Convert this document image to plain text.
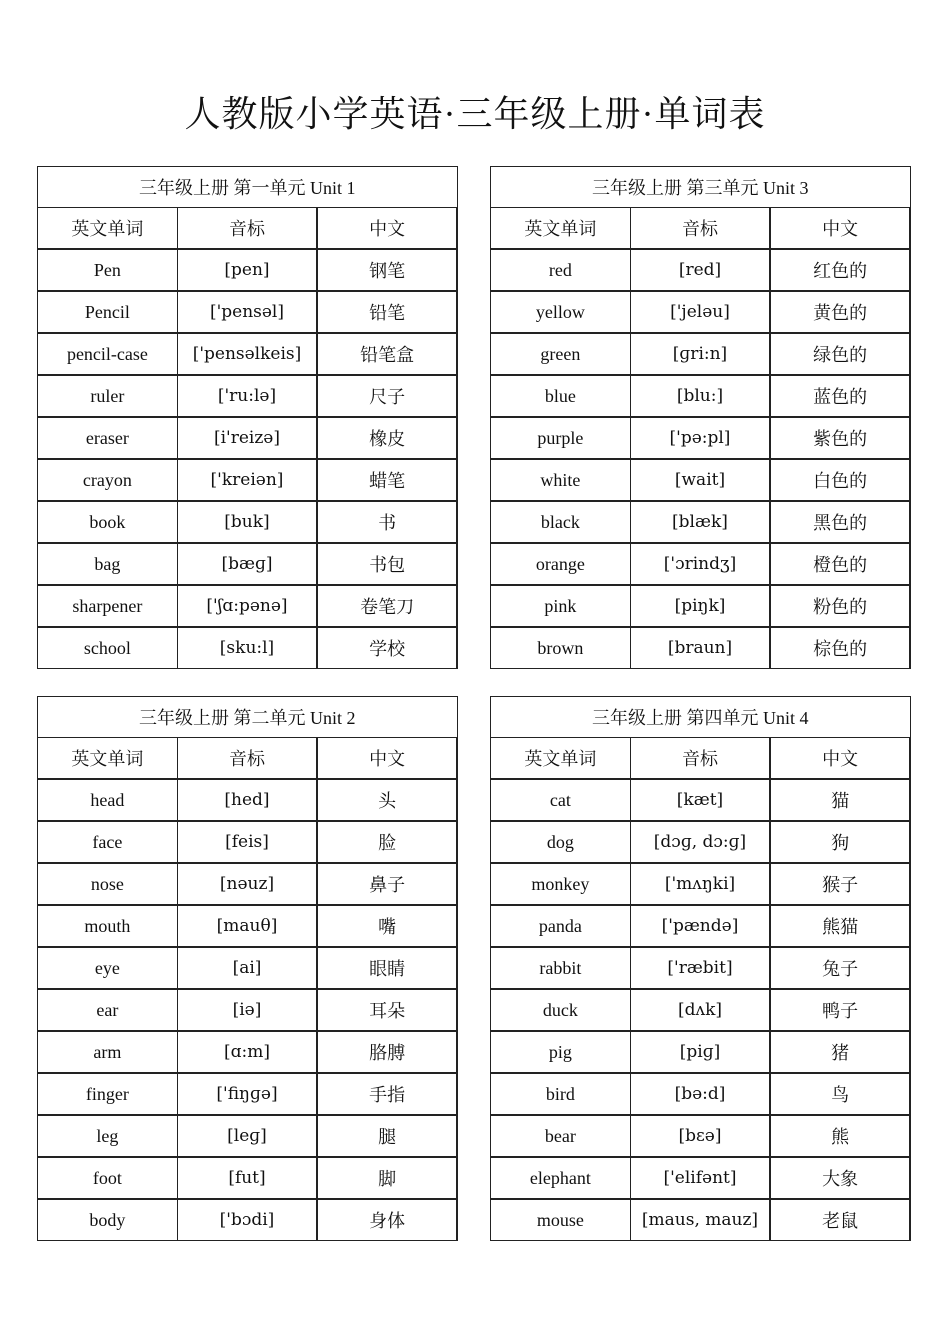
人教版小学英语·三年级上册·单词表
三年级上册 第一单元 Unit 1		
英文单词	音标	中文
Pen	[pen]	钢笔
Pencil	['pensəl]	铅笔
pencil-case	['pensəlkeis]	铅笔盒
ruler	['ru:lə]	尺子
eraser	[i'reizə]	橡皮
crayon	['kreiən]	蜡笔
book	[buk]	书
bag	[bæɡ]	书包
sharpener	['ʃɑ:pənə]	卷笔刀
school	[sku:l]	学校
三年级上册 第三单元 Unit 3		
英文单词	音标	中文
red	[red]	红色的
yellow	['jeləu]	黄色的
green	[ɡri:n]	绿色的
blue	[blu:]	蓝色的
purple	['pə:pl]	紫色的
white	[wait]	白色的
black	[blæk]	黑色的
orange	['ɔrindʒ]	橙色的
pink	[piŋk]	粉色的
brown	[braun]	棕色的
三年级上册 第二单元 Unit 2		
英文单词	音标	中文
head	[hed]	头
face	[feis]	脸
nose	[nəuz]	鼻子
mouth	[mauθ]	嘴
eye	[ai]	眼睛
ear	[iə]	耳朵
arm	[ɑ:m]	胳膊
finger	['fiŋɡə]	手指
leg	[leɡ]	腿
foot	[fut]	脚
body	['bɔdi]	身体
三年级上册 第四单元 Unit 4		
英文单词	音标	中文
cat	[kæt]	猫
dog	[dɔɡ, dɔ:ɡ]	狗
monkey	['mʌŋki]	猴子
panda	['pændə]	熊猫
rabbit	['ræbit]	兔子
duck	[dʌk]	鸭子
pig	[piɡ]	猪
bird	[bə:d]	鸟
bear	[bɛə]	熊
elephant	['elifənt]	大象
mouse	[maus, mauz]	老鼠
